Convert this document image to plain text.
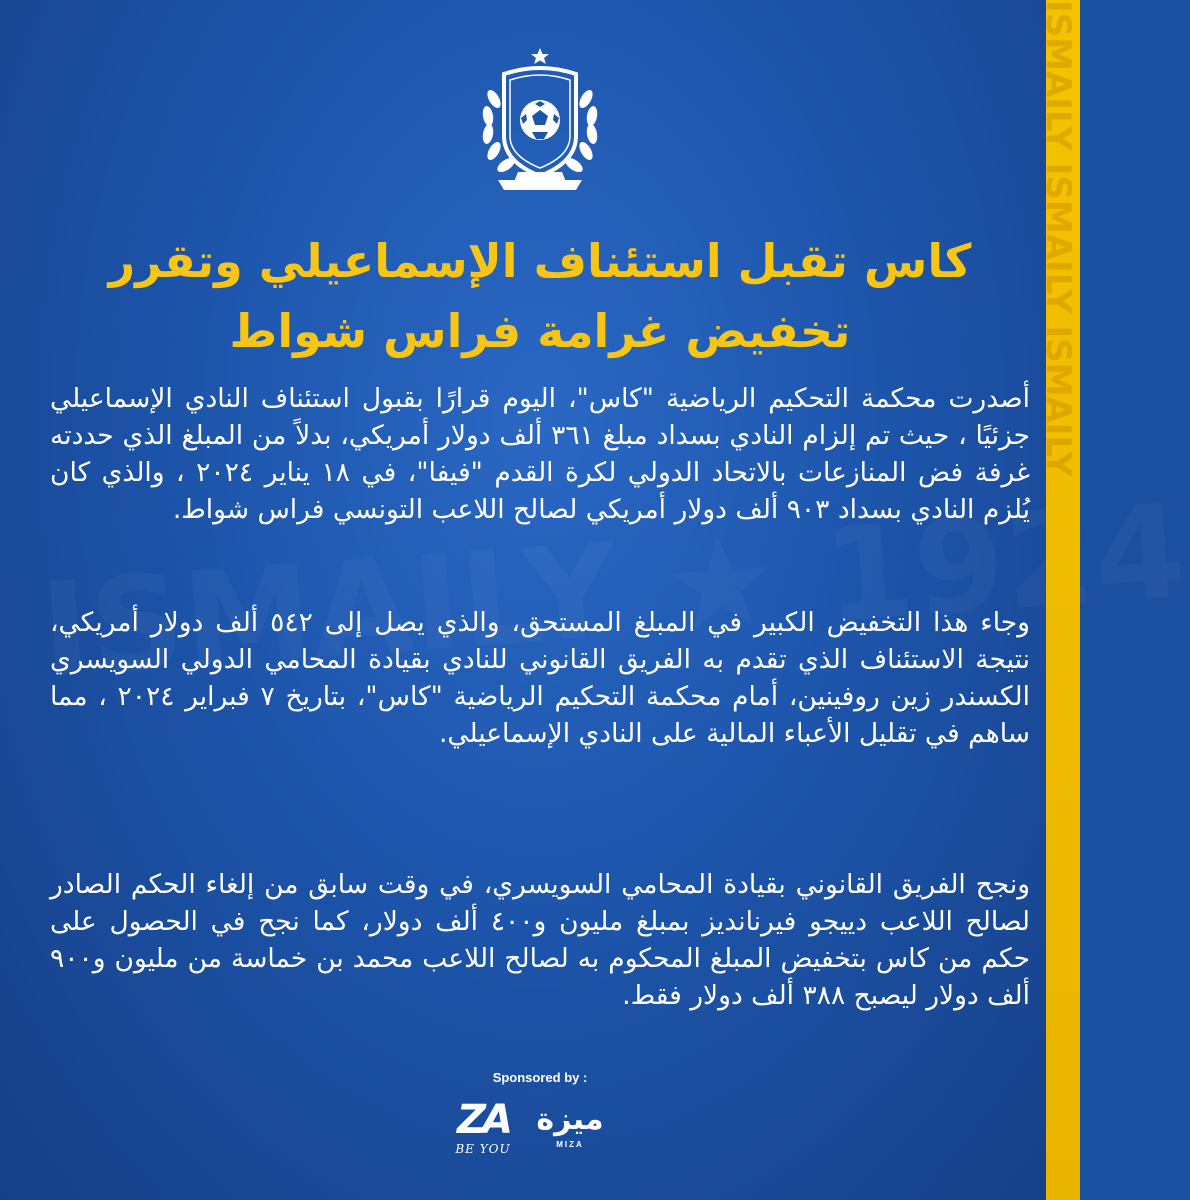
ISMAILY ISMAILY ISMAILY
كاس تقبل استئناف الإسماعيلي وتقرر
تخفيض غرامة فراس شواط
أصدرت محكمة التحكيم الرياضية "كاس"، اليوم قرارًا بقبول استئناف النادي الإسماعيلي جزئيًا ، حيث تم إلزام النادي بسداد مبلغ ٣٦١ ألف دولار أمريكي، بدلاً من المبلغ الذي حددته غرفة فض المنازعات بالاتحاد الدولي لكرة القدم "فيفا"، في ١٨ يناير ٢٠٢٤ ، والذي كان يُلزم النادي بسداد ٩٠٣ ألف دولار أمريكي لصالح اللاعب التونسي فراس شواط.
وجاء هذا التخفيض الكبير في المبلغ المستحق، والذي يصل إلى ٥٤٢ ألف دولار أمريكي، نتيجة الاستئناف الذي تقدم به الفريق القانوني للنادي بقيادة المحامي الدولي السويسري الكسندر زين روفينين، أمام محكمة التحكيم الرياضية "كاس"، بتاريخ ٧ فبراير ٢٠٢٤ ، مما ساهم في تقليل الأعباء المالية على النادي الإسماعيلي.
ونجح الفريق القانوني بقيادة المحامي السويسري، في وقت سابق من إلغاء الحكم الصادر لصالح اللاعب دييجو فيرنانديز بمبلغ مليون و٤٠٠ ألف دولار، كما نجح في الحصول على حكم من كاس بتخفيض المبلغ المحكوم به لصالح اللاعب محمد بن خماسة من مليون و٩٠٠ ألف دولار ليصبح ٣٨٨ ألف دولار فقط.
Sponsored by :
ZA
BE YOU
ميزة
MIZA
